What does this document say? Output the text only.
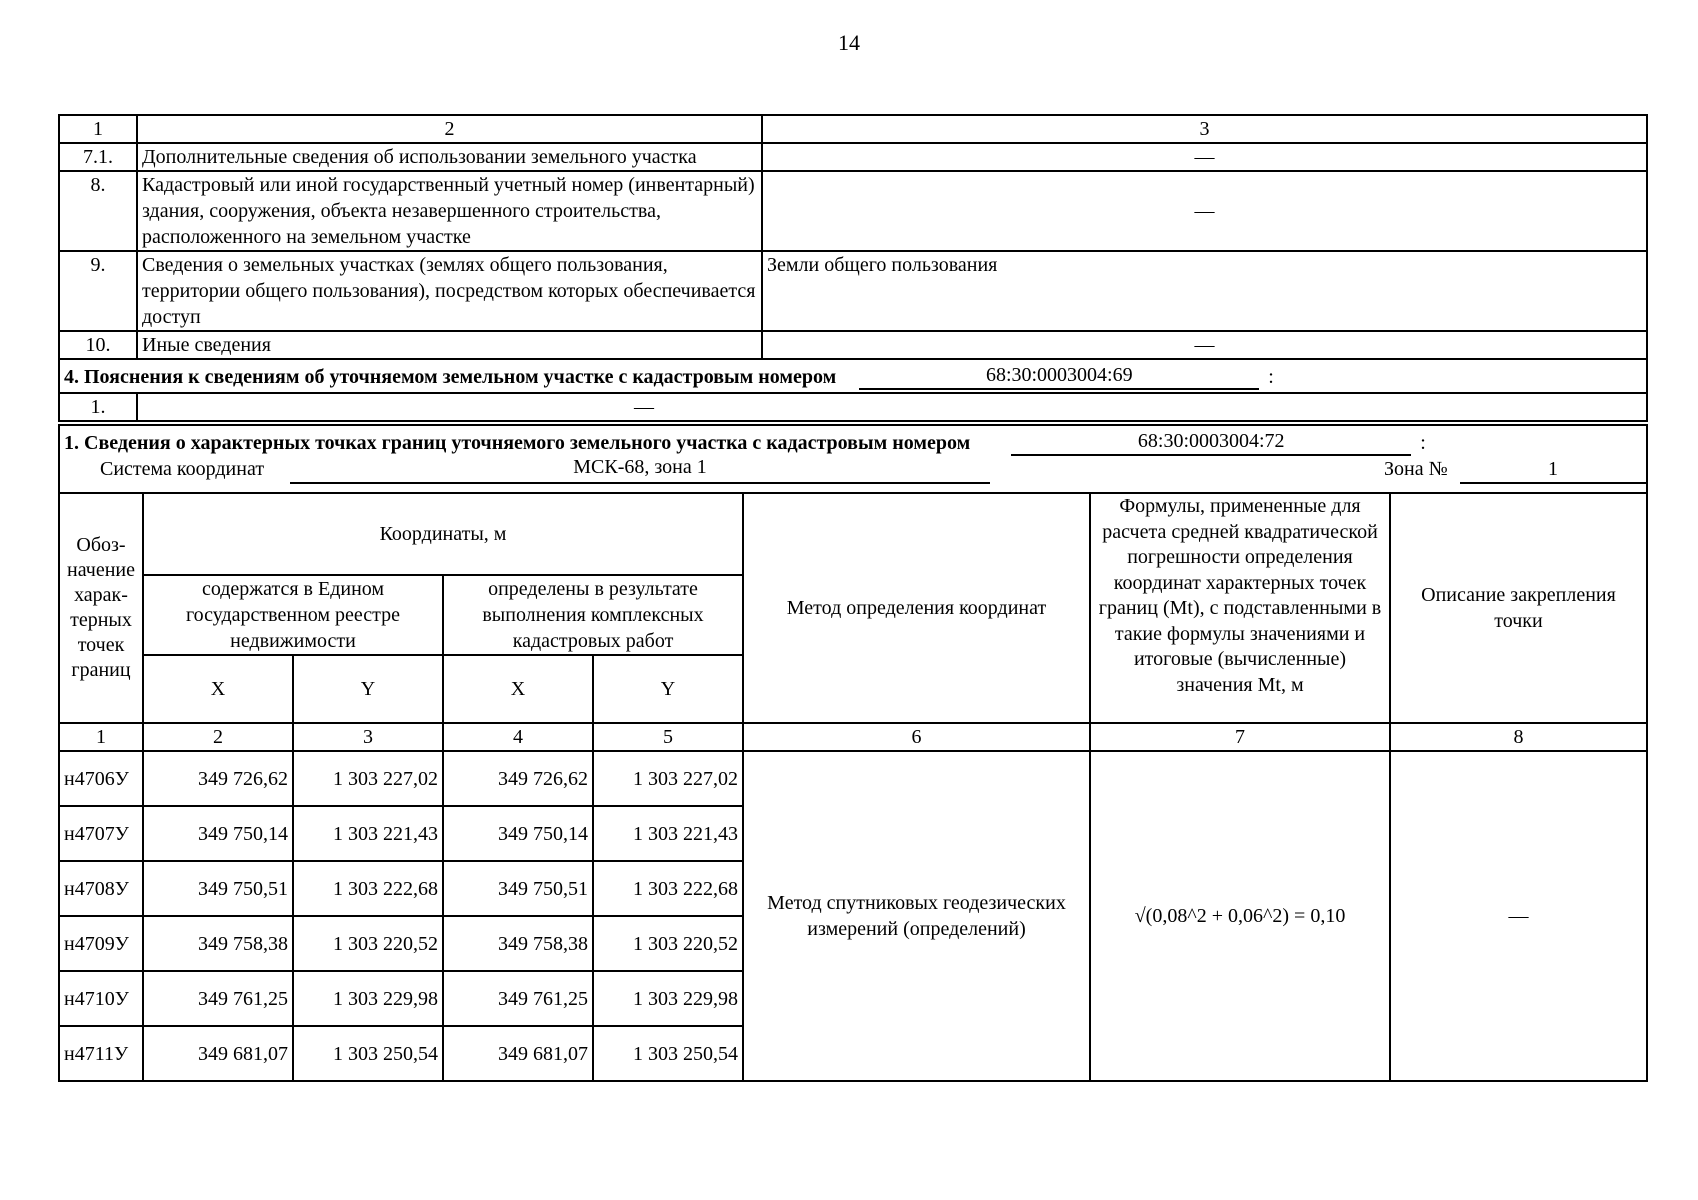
14
1	2	3
7.1.	Дополнительные сведения об использовании земельного участка	—
8.	Кадастровый или иной государственный учетный номер (инвентарный) здания, сооружения, объекта незавершенного строительства, расположенного на земельном участке	—
9.	Сведения о земельных участках (землях общего пользования, территории общего пользования), посредством которых обеспечивается доступ	Земли общего пользования
10.	Иные сведения	—
4. Пояснения к сведениям об уточняемом земельном участке с кадастровым номером 68:30:0003004:69 :		
1.	—	
1. Сведения о характерных точках границ уточняемого земельного участка с кадастровым номером 68:30:0003004:72 :
Система координат МСК-68, зона 1 Зона № 1							

Обоз-начение харак-терных точек границ	Координаты, м				Метод определения координат	Формулы, примененные для расчета средней квадратической погрешности определения координат характерных точек границ (Mt), с подставленными в такие формулы значениями и итоговые (вычисленные) значения Mt, м	Описание закрепления точки
	содержатся в Едином государственном реестре недвижимости		определены в результате выполнения комплексных кадастровых работ				
	X	Y	X	Y			
1	2	3	4	5	6	7	8
н4706У	349 726,62	1 303 227,02	349 726,62	1 303 227,02	Метод спутниковых геодезических измерений (определений)	√(0,08^2 + 0,06^2) = 0,10	—
н4707У	349 750,14	1 303 221,43	349 750,14	1 303 221,43			
н4708У	349 750,51	1 303 222,68	349 750,51	1 303 222,68			
н4709У	349 758,38	1 303 220,52	349 758,38	1 303 220,52			
н4710У	349 761,25	1 303 229,98	349 761,25	1 303 229,98			
н4711У	349 681,07	1 303 250,54	349 681,07	1 303 250,54			
